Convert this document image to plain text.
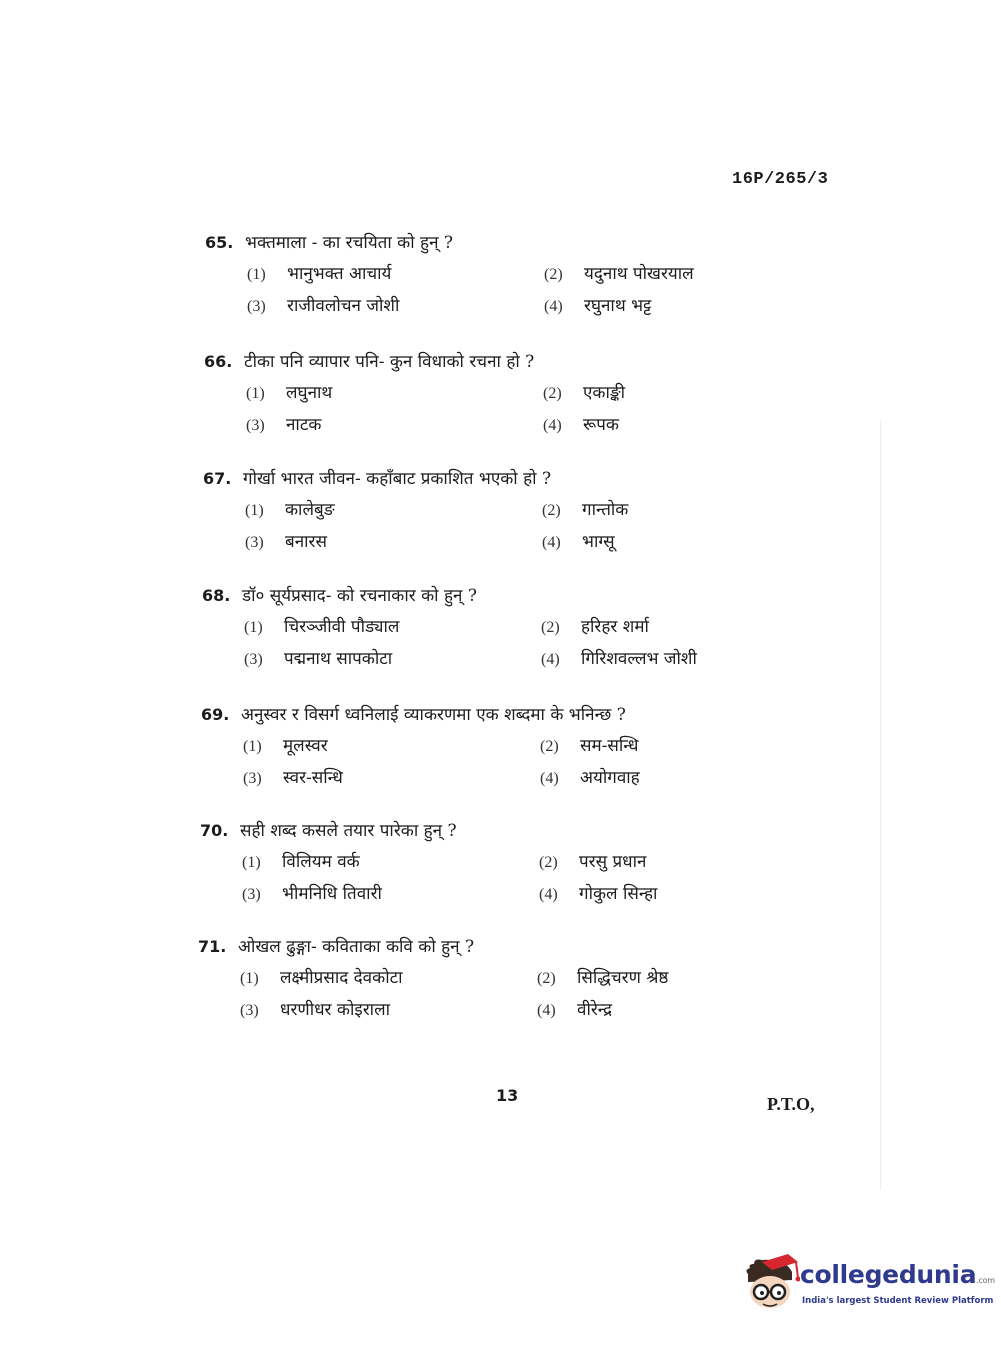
16P/265/3
65. भक्तमाला - का रचयिता को हुन् ?
(1) भानुभक्त आचार्य	(2) यदुनाथ पोखरयाल
(3) राजीवलोचन जोशी	(4) रघुनाथ भट्ट
66. टीका पनि व्यापार पनि- कुन विधाको रचना हो ?
(1) लघुनाथ	(2) एकाङ्की
(3) नाटक	(4) रूपक
67. गोर्खा भारत जीवन- कहाँबाट प्रकाशित भएको हो ?
(1) कालेबुङ	(2) गान्तोक
(3) बनारस	(4) भाग्सू
68. डॉ० सूर्यप्रसाद- को रचनाकार को हुन् ?
(1) चिरञ्जीवी पौड्याल	(2) हरिहर शर्मा
(3) पद्मनाथ सापकोटा	(4) गिरिशवल्लभ जोशी
69. अनुस्वर र विसर्ग ध्वनिलाई व्याकरणमा एक शब्दमा के भनिन्छ ?
(1) मूलस्वर	(2) सम-सन्धि
(3) स्वर-सन्धि	(4) अयोगवाह
70. सही शब्द कसले तयार पारेका हुन् ?
(1) विलियम वर्क	(2) परसु प्रधान
(3) भीमनिधि तिवारी	(4) गोकुल सिन्हा
71. ओखल ढुङ्गा- कविताका कवि को हुन् ?
(1) लक्ष्मीप्रसाद देवकोटा	(2) सिद्धिचरण श्रेष्ठ
(3) धरणीधर कोइराला	(4) वीरेन्द्र
13	P.T.O,
collegedunia.com
India's largest Student Review Platform
